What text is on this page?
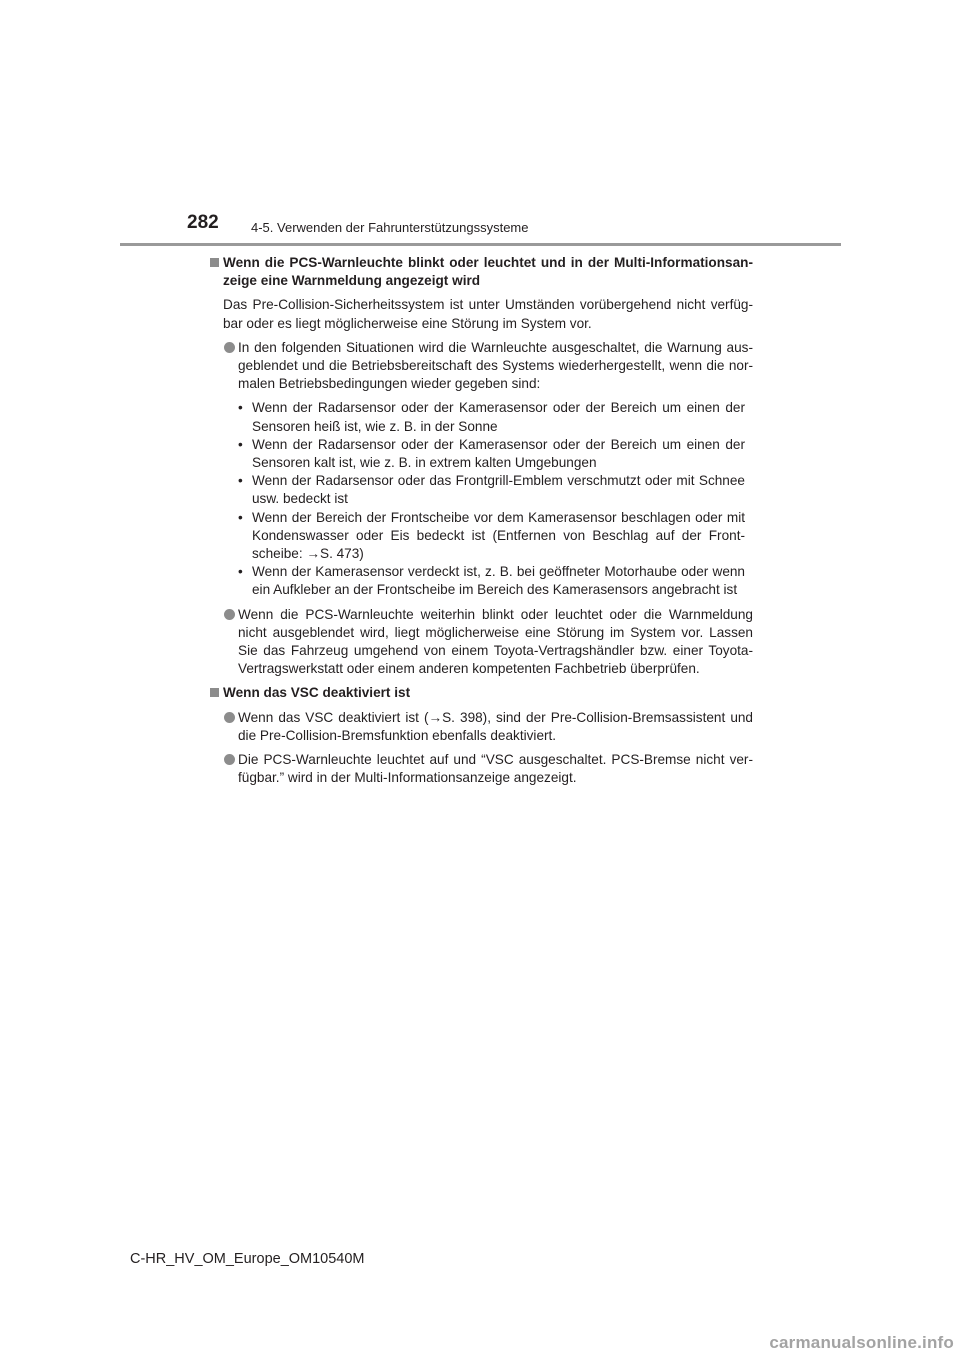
282 4-5. Verwenden der Fahrunterstützungssysteme
Wenn die PCS-Warnleuchte blinkt oder leuchtet und in der Multi-Informationsan- zeige eine Warnmeldung angezeigt wird
Das Pre-Collision-Sicherheitssystem ist unter Umständen vorübergehend nicht verfüg- bar oder es liegt möglicherweise eine Störung im System vor.
In den folgenden Situationen wird die Warnleuchte ausgeschaltet, die Warnung aus- geblendet und die Betriebsbereitschaft des Systems wiederhergestellt, wenn die nor- malen Betriebsbedingungen wieder gegeben sind:
• Wenn der Radarsensor oder der Kamerasensor oder der Bereich um einen der Sensoren heiß ist, wie z. B. in der Sonne
• Wenn der Radarsensor oder der Kamerasensor oder der Bereich um einen der Sensoren kalt ist, wie z. B. in extrem kalten Umgebungen
• Wenn der Radarsensor oder das Frontgrill-Emblem verschmutzt oder mit Schnee usw. bedeckt ist
• Wenn der Bereich der Frontscheibe vor dem Kamerasensor beschlagen oder mit Kondenswasser oder Eis bedeckt ist (Entfernen von Beschlag auf der Front- scheibe: →S. 473)
• Wenn der Kamerasensor verdeckt ist, z. B. bei geöffneter Motorhaube oder wenn ein Aufkleber an der Frontscheibe im Bereich des Kamerasensors angebracht ist
Wenn die PCS-Warnleuchte weiterhin blinkt oder leuchtet oder die Warnmeldung nicht ausgeblendet wird, liegt möglicherweise eine Störung im System vor. Lassen Sie das Fahrzeug umgehend von einem Toyota-Vertragshändler bzw. einer Toyota- Vertragswerkstatt oder einem anderen kompetenten Fachbetrieb überprüfen.
Wenn das VSC deaktiviert ist
Wenn das VSC deaktiviert ist (→S. 398), sind der Pre-Collision-Bremsassistent und die Pre-Collision-Bremsfunktion ebenfalls deaktiviert.
Die PCS-Warnleuchte leuchtet auf und “VSC ausgeschaltet. PCS-Bremse nicht ver- fügbar.” wird in der Multi-Informationsanzeige angezeigt.
C-HR_HV_OM_Europe_OM10540M
carmanualsonline.info
